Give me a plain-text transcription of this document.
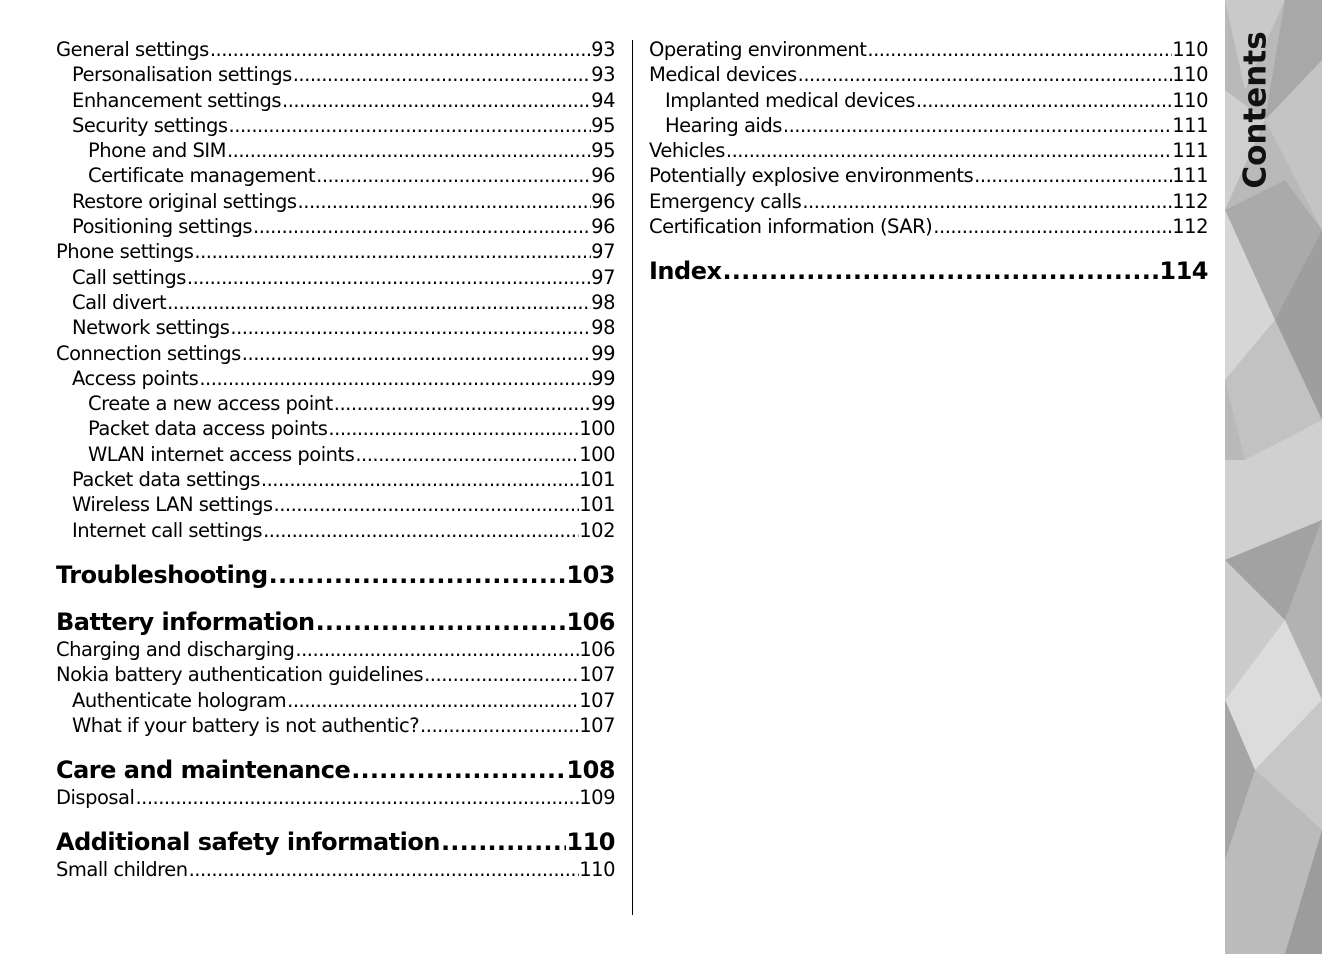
General settings .....	93
Personalisation settings .....	93
Enhancement settings .....	94
Security settings .....	95
Phone and SIM .....	95
Certificate management .....	96
Restore original settings .....	96
Positioning settings .....	96
Phone settings .....	97
Call settings .....	97
Call divert .....	98
Network settings .....	98
Connection settings .....	99
Access points .....	99
Create a new access point .....	99
Packet data access points .....	100
WLAN internet access points .....	100
Packet data settings .....	101
Wireless LAN settings .....	101
Internet call settings .....	102
Troubleshooting .....	103
Battery information .....	106
Charging and discharging .....	106
Nokia battery authentication guidelines .....	107
Authenticate hologram .....	107
What if your battery is not authentic? .....	107
Care and maintenance .....	108
Disposal .....	109
Additional safety information .....	110
Small children .....	110
Operating environment .....	110
Medical devices .....	110
Implanted medical devices .....	110
Hearing aids .....	111
Vehicles .....	111
Potentially explosive environments .....	111
Emergency calls .....	112
Certification information (SAR) .....	112
Index .....	114
Contents
